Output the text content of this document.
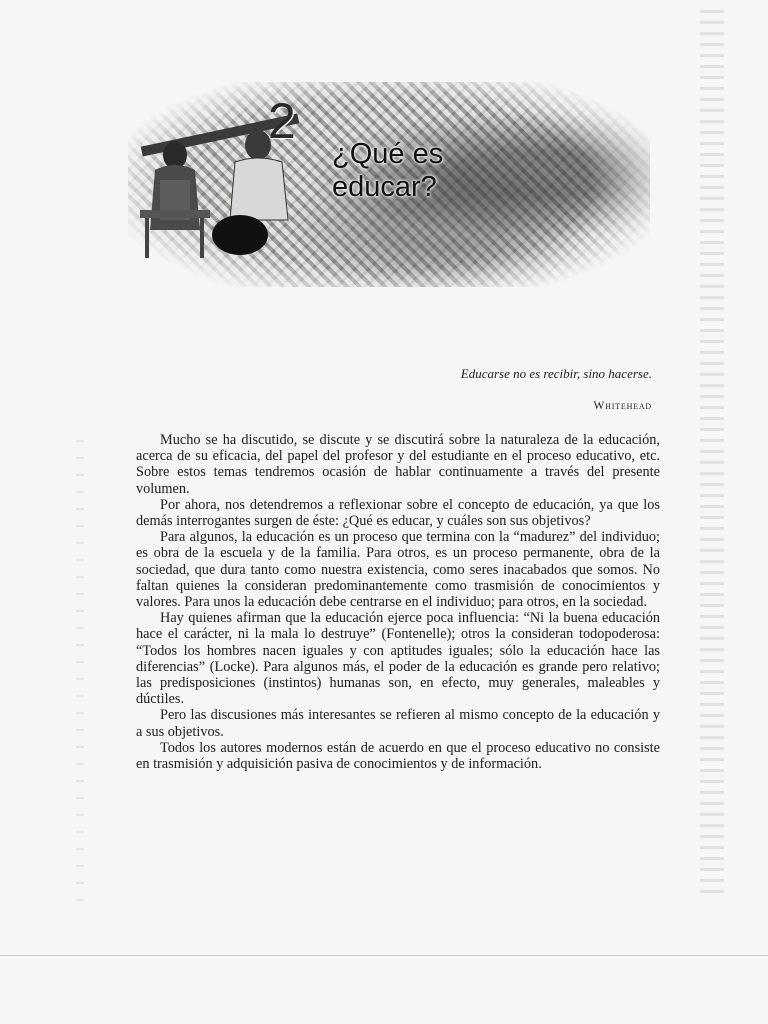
2
¿Qué es educar?
Educarse no es recibir, sino hacerse.
Whitehead

Mucho se ha discutido, se discute y se discutirá sobre la naturaleza de la educación, acerca de su eficacia, del papel del profesor y del estudiante en el proceso educativo, etc. Sobre estos temas tendremos ocasión de hablar continuamente a través del presente volumen.

Por ahora, nos detendremos a reflexionar sobre el concepto de educación, ya que los demás interrogantes surgen de éste: ¿Qué es educar, y cuáles son sus objetivos?

Para algunos, la educación es un proceso que termina con la “madurez” del individuo; es obra de la escuela y de la familia. Para otros, es un proceso permanente, obra de la sociedad, que dura tanto como nuestra existencia, como seres inacabados que somos. No faltan quienes la consideran predominantemente como trasmisión de conocimientos y valores. Para unos la educación debe centrarse en el individuo; para otros, en la sociedad.

Hay quienes afirman que la educación ejerce poca influencia: “Ni la buena educación hace el carácter, ni la mala lo destruye” (Fontenelle); otros la consideran todopoderosa: “Todos los hombres nacen iguales y con aptitudes iguales; sólo la educación hace las diferencias” (Locke). Para algunos más, el poder de la educación es grande pero relativo; las predisposiciones (instintos) humanas son, en efecto, muy generales, maleables y dúctiles.

Pero las discusiones más interesantes se refieren al mismo concepto de la educación y a sus objetivos.

Todos los autores modernos están de acuerdo en que el proceso educativo no consiste en trasmisión y adquisición pasiva de conocimientos y de información.
